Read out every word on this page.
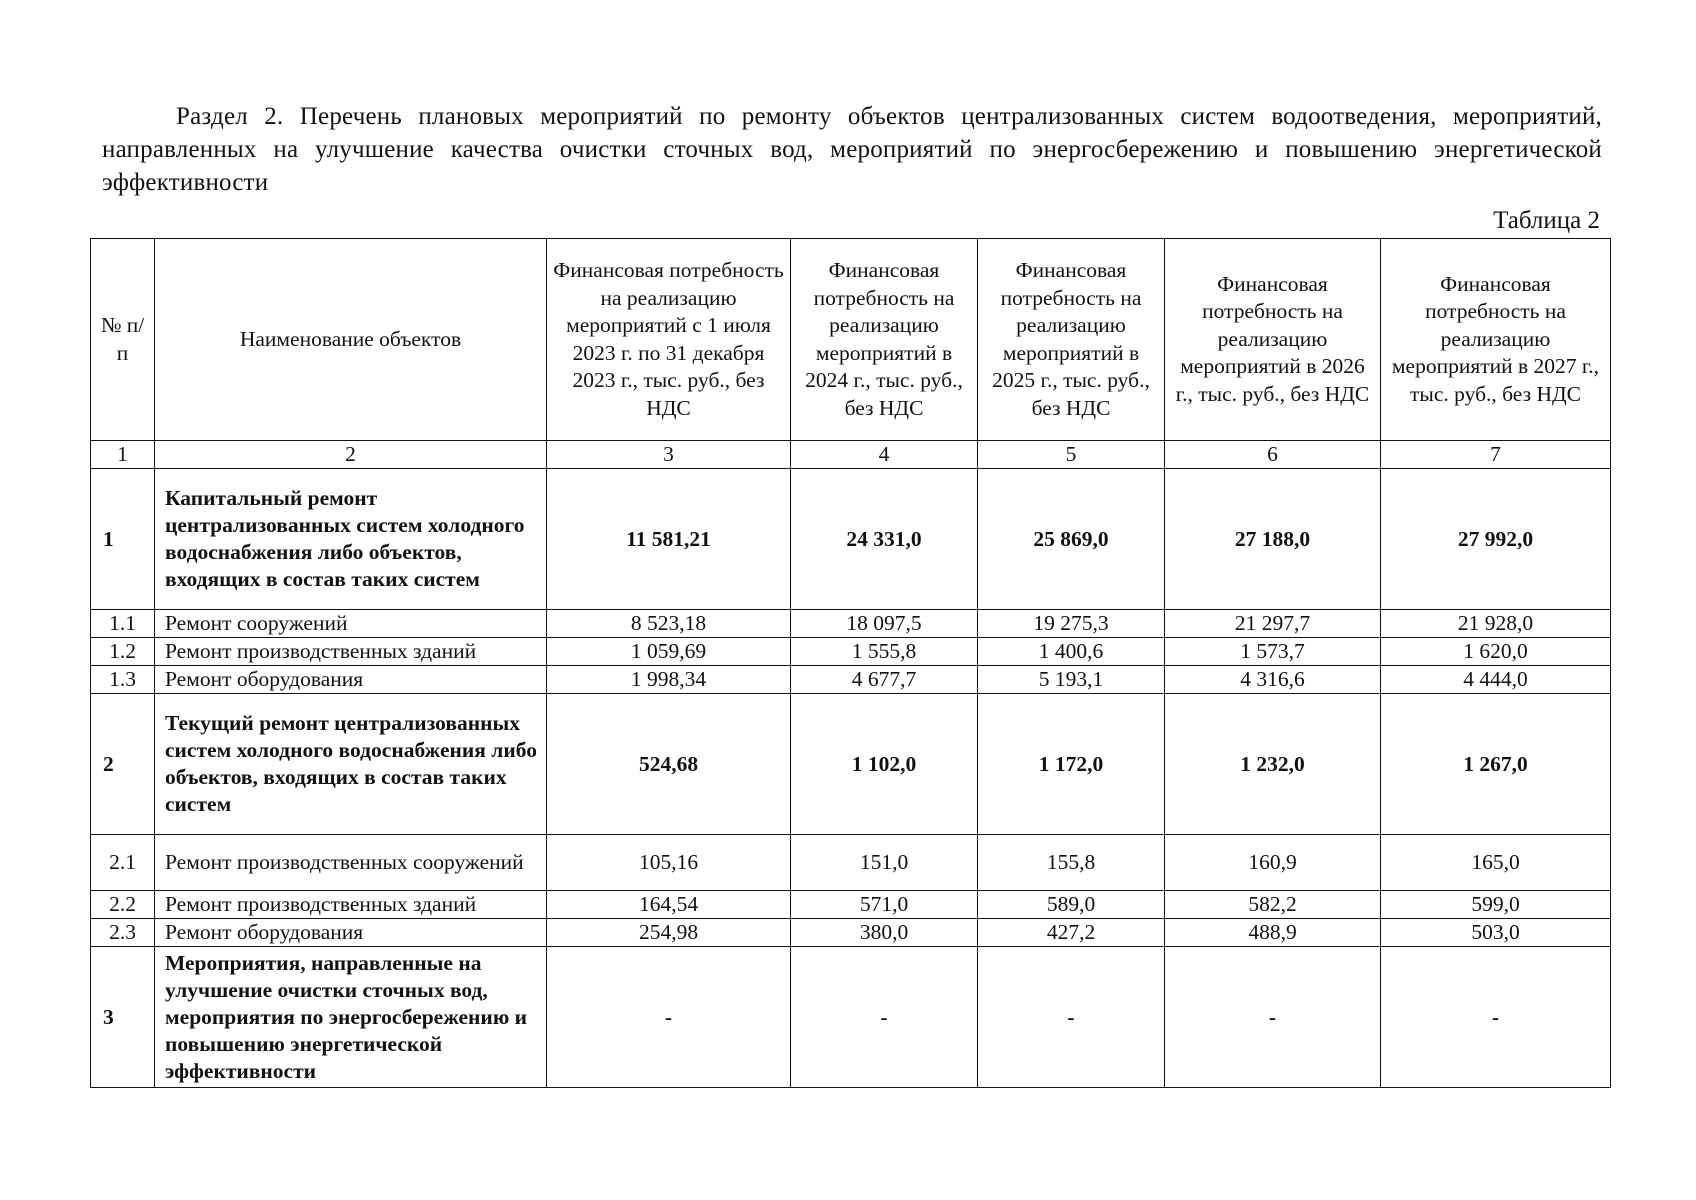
Раздел 2. Перечень плановых мероприятий по ремонту объектов централизованных систем водоотведения, мероприятий, направленных на улучшение качества очистки сточных вод, мероприятий по энергосбережению и повышению энергетической эффективности
Таблица 2
№ п/п	Наименование объектов	Финансовая потребность на реализацию мероприятий с 1 июля 2023 г. по 31 декабря 2023 г., тыс. руб., без НДС	Финансовая потребность на реализацию мероприятий в 2024 г., тыс. руб., без НДС	Финансовая потребность на реализацию мероприятий в 2025 г., тыс. руб., без НДС	Финансовая потребность на реализацию мероприятий в 2026 г., тыс. руб., без НДС	Финансовая потребность на реализацию мероприятий в 2027 г., тыс. руб., без НДС
1	2	3	4	5	6	7
1	Капитальный ремонт централизованных систем холодного водоснабжения либо объектов, входящих в состав таких систем	11 581,21	24 331,0	25 869,0	27 188,0	27 992,0
1.1	Ремонт сооружений	8 523,18	18 097,5	19 275,3	21 297,7	21 928,0
1.2	Ремонт производственных зданий	1 059,69	1 555,8	1 400,6	1 573,7	1 620,0
1.3	Ремонт оборудования	1 998,34	4 677,7	5 193,1	4 316,6	4 444,0
2	Текущий ремонт централизованных систем холодного водоснабжения либо объектов, входящих в состав таких систем	524,68	1 102,0	1 172,0	1 232,0	1 267,0
2.1	Ремонт производственных сооружений	105,16	151,0	155,8	160,9	165,0
2.2	Ремонт производственных зданий	164,54	571,0	589,0	582,2	599,0
2.3	Ремонт оборудования	254,98	380,0	427,2	488,9	503,0
3	Мероприятия, направленные на улучшение очистки сточных вод, мероприятия по энергосбережению и повышению энергетической эффективности	-	-	-	-	-
